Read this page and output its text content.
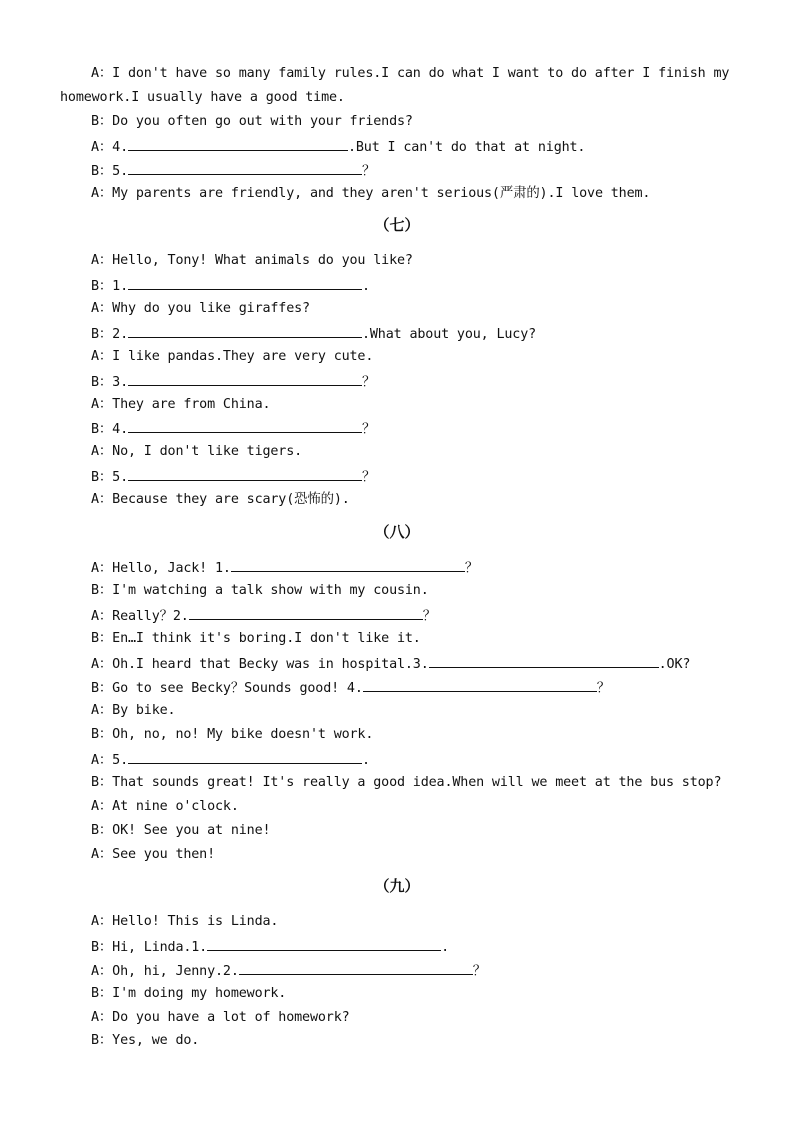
A：I don't have so many family rules.I can do what I want to do after I finish my
homework.I usually have a good time.
B：Do you often go out with your friends?
A：4.	.But I can't do that at night.
B：5.	？
A：My parents are friendly, and they aren't serious(严肃的).I love them.
（七）
A：Hello, Tony! What animals do you like?
B：1.	.
A：Why do you like giraffes?
B：2.	.What about you, Lucy?
A：I like pandas.They are very cute.
B：3.	？
A：They are from China.
B：4.	？
A：No, I don't like tigers.
B：5.	？
A：Because they are scary(恐怖的).
（八）
A：Hello, Jack! 1.	？
B：I'm watching a talk show with my cousin.
A：Really？2.	？
B：En…I think it's boring.I don't like it.
A：Oh.I heard that Becky was in hospital.3.	.OK?
B：Go to see Becky？Sounds good! 4.	？
A：By bike.
B：Oh, no, no! My bike doesn't work.
A：5.	.
B：That sounds great! It's really a good idea.When will we meet at the bus stop?
A：At nine o'clock.
B：OK! See you at nine!
A：See you then!
（九）
A：Hello! This is Linda.
B：Hi, Linda.1.	.
A：Oh, hi, Jenny.2.	？
B：I'm doing my homework.
A：Do you have a lot of homework?
B：Yes, we do.
